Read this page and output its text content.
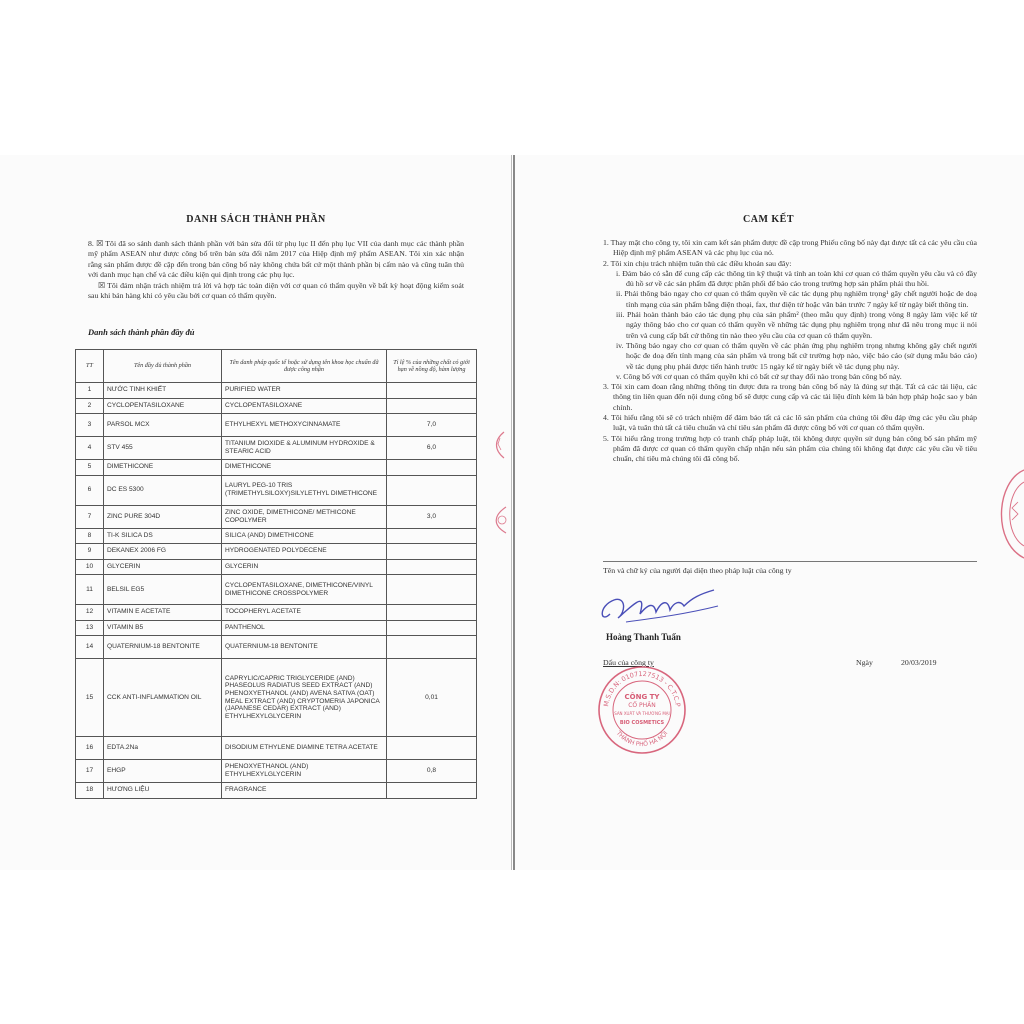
DANH SÁCH THÀNH PHẦN

8. ☒ Tôi đã so sánh danh sách thành phần với bản sửa đổi từ phụ lục II đến phụ lục VII của danh mục các thành phần mỹ phẩm ASEAN như được công bố trên bản sửa đổi năm 2017 của Hiệp định mỹ phẩm ASEAN. Tôi xin xác nhận rằng sản phẩm được đề cập đến trong bản công bố này không chứa bất cứ một thành phần bị cấm nào và cũng tuân thủ với danh mục hạn chế và các điều kiện qui định trong các phụ lục.

☒ Tôi đảm nhận trách nhiệm trả lời và hợp tác toàn diện với cơ quan có thẩm quyền về bất kỳ hoạt động kiểm soát sau khi bán hàng khi có yêu cầu bởi cơ quan có thẩm quyền.

Danh sách thành phần đầy đủ
TT	Tên đầy đủ thành phần	Tên danh pháp quốc tế hoặc sử dụng tên khoa học chuẩn đã được công nhận	Tỉ lệ % của những chất có giới hạn về nồng độ, hàm lượng
1	NƯỚC TINH KHIẾT	PURIFIED WATER	
2	CYCLOPENTASILOXANE	CYCLOPENTASILOXANE	
3	PARSOL MCX	ETHYLHEXYL METHOXYCINNAMATE	7,0
4	STV 455	TITANIUM DIOXIDE & ALUMINUM HYDROXIDE & STEARIC ACID	6,0
5	DIMETHICONE	DIMETHICONE	
6	DC ES 5300	LAURYL PEG-10 TRIS (TRIMETHYLSILOXY)SILYLETHYL DIMETHICONE	
7	ZINC PURE 304D	ZINC OXIDE, DIMETHICONE/ METHICONE COPOLYMER	3,0
8	TI-K SILICA DS	SILICA (AND) DIMETHICONE	
9	DEKANEX 2006 FG	HYDROGENATED POLYDECENE	
10	GLYCERIN	GLYCERIN	
11	BELSIL EG5	CYCLOPENTASILOXANE, DIMETHICONE/VINYL DIMETHICONE CROSSPOLYMER	
12	VITAMIN E ACETATE	TOCOPHERYL ACETATE	
13	VITAMIN B5	PANTHENOL	
14	QUATERNIUM-18 BENTONITE	QUATERNIUM-18 BENTONITE	
15	CCK ANTI-INFLAMMATION OIL	CAPRYLIC/CAPRIC TRIGLYCERIDE (AND) PHASEOLUS RADIATUS SEED EXTRACT (AND) PHENOXYETHANOL (AND) AVENA SATIVA (OAT) MEAL EXTRACT (AND) CRYPTOMERIA JAPONICA (JAPANESE CEDAR) EXTRACT (AND) ETHYLHEXYLGLYCERIN	0,01
16	EDTA.2Na	DISODIUM ETHYLENE DIAMINE TETRA ACETATE	
17	EHGP	PHENOXYETHANOL (AND) ETHYLHEXYLGLYCERIN	0,8
18	HƯƠNG LIỆU	FRAGRANCE	
CAM KẾT

1. Thay mặt cho công ty, tôi xin cam kết sản phẩm được đề cập trong Phiếu công bố này đạt được tất cả các yêu cầu của Hiệp định mỹ phẩm ASEAN và các phụ lục của nó.

2. Tôi xin chịu trách nhiệm tuân thủ các điều khoản sau đây:

i. Đảm bảo có sẵn để cung cấp các thông tin kỹ thuật và tính an toàn khi cơ quan có thẩm quyền yêu cầu và có đầy đủ hồ sơ về các sản phẩm đã được phân phối để báo cáo trong trường hợp sản phẩm phải thu hồi.

ii. Phải thông báo ngay cho cơ quan có thẩm quyền về các tác dụng phụ nghiêm trọng¹ gây chết người hoặc đe doạ tính mạng của sản phẩm bằng điện thoại, fax, thư điện tử hoặc văn bản trước 7 ngày kể từ ngày biết thông tin.

iii. Phải hoàn thành báo cáo tác dụng phụ của sản phẩm² (theo mẫu quy định) trong vòng 8 ngày làm việc kể từ ngày thông báo cho cơ quan có thẩm quyền về những tác dụng phụ nghiêm trọng như đã nêu trong mục ii nói trên và cung cấp bất cứ thông tin nào theo yêu cầu của cơ quan có thẩm quyền.

iv. Thông báo ngay cho cơ quan có thẩm quyền về các phản ứng phụ nghiêm trọng nhưng không gây chết người hoặc đe doạ đến tính mạng của sản phẩm và trong bất cứ trường hợp nào, việc báo cáo (sử dụng mẫu báo cáo) về tác dụng phụ phải được tiến hành trước 15 ngày kể từ ngày biết về tác dụng phụ này.

v. Công bố với cơ quan có thẩm quyền khi có bất cứ sự thay đổi nào trong bản công bố này.

3. Tôi xin cam đoan rằng những thông tin được đưa ra trong bản công bố này là đúng sự thật. Tất cả các tài liệu, các thông tin liên quan đến nội dung công bố sẽ được cung cấp và các tài liệu đính kèm là bản hợp pháp hoặc sao y bản chính.

4. Tôi hiểu rằng tôi sẽ có trách nhiệm để đảm bảo tất cả các lô sản phẩm của chúng tôi đều đáp ứng các yêu cầu pháp luật, và tuân thủ tất cả tiêu chuẩn và chỉ tiêu sản phẩm đã được công bố với cơ quan có thẩm quyền.

5. Tôi hiểu rằng trong trường hợp có tranh chấp pháp luật, tôi không được quyền sử dụng bản công bố sản phẩm mỹ phẩm đã được cơ quan có thẩm quyền chấp nhận nếu sản phẩm của chúng tôi không đạt được các yêu cầu về tiêu chuẩn, chỉ tiêu mà chúng tôi đã công bố.

Tên và chữ ký của người đại diện theo pháp luật của công ty
Hoàng Thanh Tuấn
Dấu của công ty	Ngày	20/03/2019
M.S.D.N: 0107127513 - C.T.C.P
THÀNH PHỐ HÀ NỘI
CÔNG TY
CỔ PHẦN
SẢN XUẤT VÀ THƯƠNG MẠI
BIO COSMETICS
